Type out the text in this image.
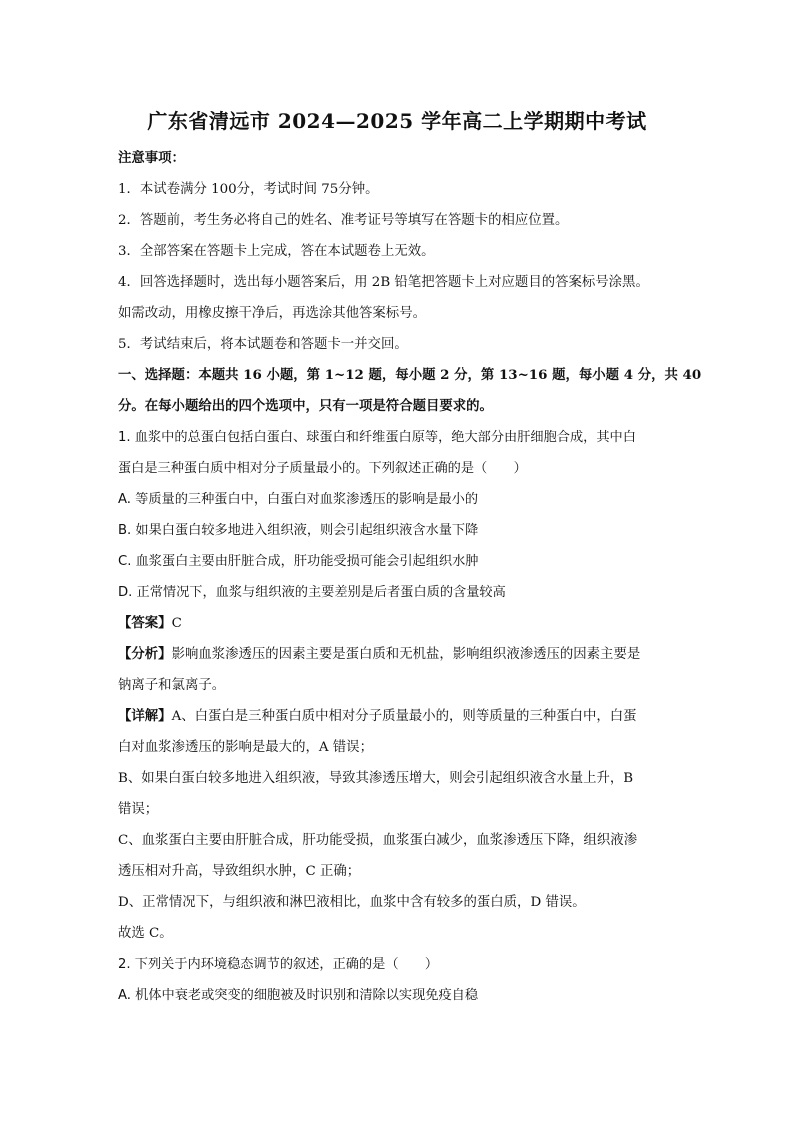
广东省清远市 2024—2025 学年高二上学期期中考试
注意事项：
1．本试卷满分 100分，考试时间 75分钟。
2．答题前，考生务必将自己的姓名、准考证号等填写在答题卡的相应位置。
3．全部答案在答题卡上完成，答在本试题卷上无效。
4．回答选择题时，选出每小题答案后，用 2B 铅笔把答题卡上对应题目的答案标号涂黑。
如需改动，用橡皮擦干净后，再选涂其他答案标号。
5．考试结束后，将本试题卷和答题卡一并交回。
一、选择题：本题共 16 小题，第 1~12 题，每小题 2 分，第 13~16 题，每小题 4 分，共 40
分。在每小题给出的四个选项中，只有一项是符合题目要求的。
1. 血浆中的总蛋白包括白蛋白、球蛋白和纤维蛋白原等，绝大部分由肝细胞合成，其中白
蛋白是三种蛋白质中相对分子质量最小的。下列叙述正确的是（　　）
A. 等质量的三种蛋白中，白蛋白对血浆渗透压的影响是最小的
B. 如果白蛋白较多地进入组织液，则会引起组织液含水量下降
C. 血浆蛋白主要由肝脏合成，肝功能受损可能会引起组织水肿
D. 正常情况下，血浆与组织液的主要差别是后者蛋白质的含量较高
【答案】C
【分析】影响血浆渗透压的因素主要是蛋白质和无机盐，影响组织液渗透压的因素主要是
钠离子和氯离子。
【详解】A、白蛋白是三种蛋白质中相对分子质量最小的，则等质量的三种蛋白中，白蛋
白对血浆渗透压的影响是最大的，A 错误；
B、如果白蛋白较多地进入组织液，导致其渗透压增大，则会引起组织液含水量上升，B
错误；
C、血浆蛋白主要由肝脏合成，肝功能受损，血浆蛋白减少，血浆渗透压下降，组织液渗
透压相对升高，导致组织水肿，C 正确；
D、正常情况下，与组织液和淋巴液相比，血浆中含有较多的蛋白质，D 错误。
故选 C。
2. 下列关于内环境稳态调节的叙述，正确的是（　　）
A. 机体中衰老或突变的细胞被及时识别和清除以实现免疫自稳
